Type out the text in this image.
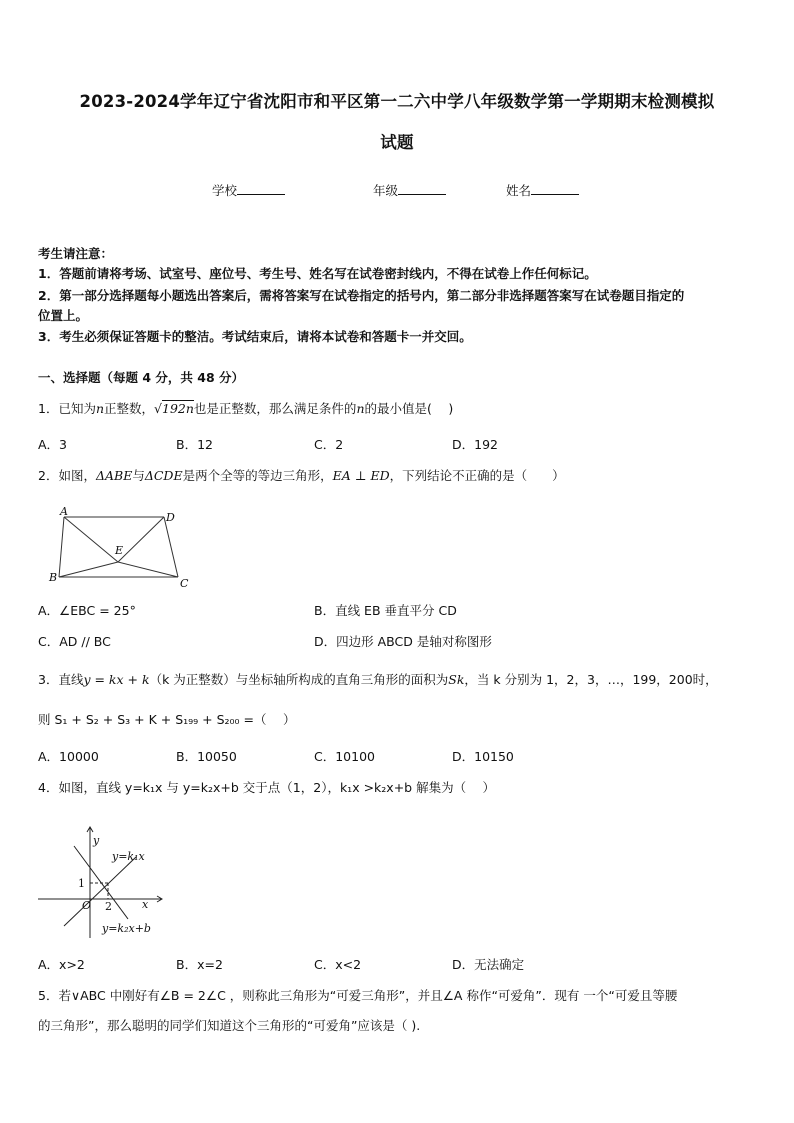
2023-2024学年辽宁省沈阳市和平区第一二六中学八年级数学第一学期期末检测模拟
试题
学校	年级	姓名
考生请注意：
1．答题前请将考场、试室号、座位号、考生号、姓名写在试卷密封线内，不得在试卷上作任何标记。
2．第一部分选择题每小题选出答案后，需将答案写在试卷指定的括号内，第二部分非选择题答案写在试卷题目指定的
位置上。
3．考生必须保证答题卡的整洁。考试结束后，请将本试卷和答题卡一并交回。
一、选择题（每题 4 分，共 48 分）
1．已知为n正整数，√192n也是正整数，那么满足条件的n的最小值是(　 )
A．3	B．12	C．2	D．192
2．如图，ΔABE与ΔCDE是两个全等的等边三角形，EA ⊥ ED，下列结论不正确的是（　　）
A	D
E
B	C
A．∠EBC = 25°	B．直线 EB 垂直平分 CD
C．AD // BC	D．四边形 ABCD 是轴对称图形
3．直线y = kx + k（k 为正整数）与坐标轴所构成的直角三角形的面积为Sk，当 k 分别为 1，2，3，…，199，200时，
则 S₁ + S₂ + S₃ + K + S₁₉₉ + S₂₀₀ =（　 ）
A．10000	B．10050	C．10100	D．10150
4．如图，直线 y=k₁x 与 y=k₂x+b 交于点（1，2），k₁x >k₂x+b 解集为（　 ）
y
x
O
1
2
y=k₁x
y=k₂x+b
A．x>2	B．x=2	C．x<2	D．无法确定
5．若∨ABC 中刚好有∠B = 2∠C ，则称此三角形为“可爱三角形”，并且∠A 称作“可爱角”．现有 一个“可爱且等腰
的三角形”，那么聪明的同学们知道这个三角形的“可爱角”应该是（ ).
